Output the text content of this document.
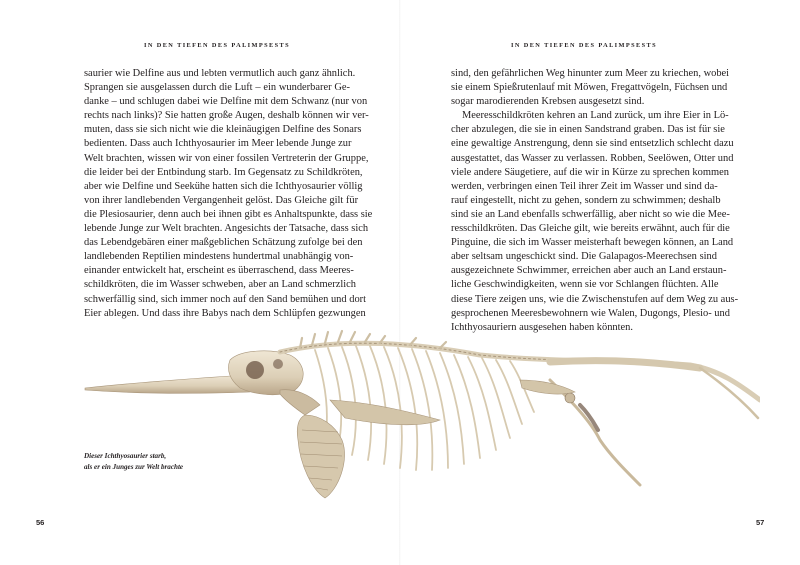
IN DEN TIEFEN DES PALIMPSESTS

saurier wie Delfine aus und lebten vermutlich auch ganz ähnlich.
Sprangen sie ausgelassen durch die Luft – ein wunderbarer Ge-
danke – und schlugen dabei wie Delfine mit dem Schwanz (nur von
rechts nach links)? Sie hatten große Augen, deshalb können wir ver-
muten, dass sie sich nicht wie die kleinäugigen Delfine des Sonars
bedienten. Dass auch Ichthyosaurier im Meer lebende Junge zur
Welt brachten, wissen wir von einer fossilen Vertreterin der Gruppe,
die leider bei der Entbindung starb. Im Gegensatz zu Schildkröten,
aber wie Delfine und Seekühe hatten sich die Ichthyosaurier völlig
von ihrer landlebenden Vergangenheit gelöst. Das Gleiche gilt für
die Plesiosaurier, denn auch bei ihnen gibt es Anhaltspunkte, dass sie
lebende Junge zur Welt brachten. Angesichts der Tatsache, dass sich
das Lebendgebären einer maßgeblichen Schätzung zufolge bei den
landlebenden Reptilien mindestens hundertmal unabhängig von-
einander entwickelt hat, erscheint es überraschend, dass Meeres-
schildkröten, die im Wasser schweben, aber an Land schmerzlich
schwerfällig sind, sich immer noch auf den Sand bemühen und dort
Eier ablegen. Und dass ihre Babys nach dem Schlüpfen gezwungen

Dieser Ichthyosaurier starb,
als er ein Junges zur Welt brachte
56
IN DEN TIEFEN DES PALIMPSESTS

sind, den gefährlichen Weg hinunter zum Meer zu kriechen, wobei
sie einem Spießrutenlauf mit Möwen, Fregattvögeln, Füchsen und
sogar marodierenden Krebsen ausgesetzt sind.

Meeresschildkröten kehren an Land zurück, um ihre Eier in Lö-
cher abzulegen, die sie in einen Sandstrand graben. Das ist für sie
eine gewaltige Anstrengung, denn sie sind entsetzlich schlecht dazu
ausgestattet, das Wasser zu verlassen. Robben, Seelöwen, Otter und
viele andere Säugetiere, auf die wir in Kürze zu sprechen kommen
werden, verbringen einen Teil ihrer Zeit im Wasser und sind da-
rauf eingestellt, nicht zu gehen, sondern zu schwimmen; deshalb
sind sie an Land ebenfalls schwerfällig, aber nicht so wie die Mee-
resschildkröten. Das Gleiche gilt, wie bereits erwähnt, auch für die
Pinguine, die sich im Wasser meisterhaft bewegen können, an Land
aber seltsam ungeschickt sind. Die Galapagos-Meerechsen sind
ausgezeichnete Schwimmer, erreichen aber auch an Land erstaun-
liche Geschwindigkeiten, wenn sie vor Schlangen flüchten. Alle
diese Tiere zeigen uns, wie die Zwischenstufen auf dem Weg zu aus-
gesprochenen Meeresbewohnern wie Walen, Dugongs, Plesio- und
Ichthyosauriern ausgesehen haben könnten.

57
